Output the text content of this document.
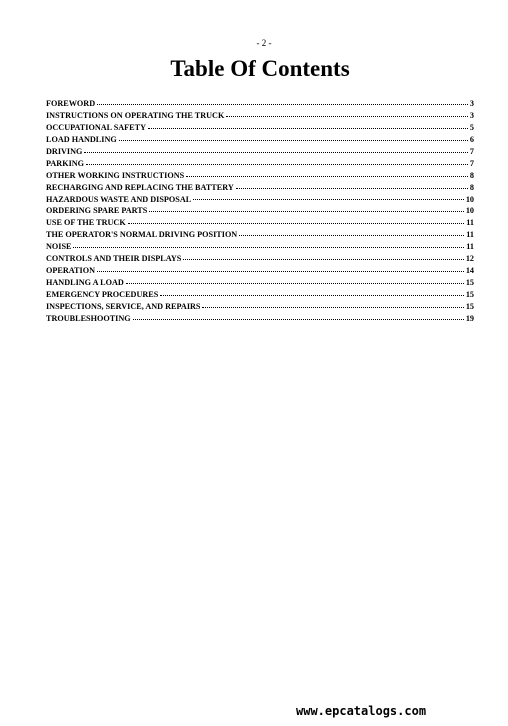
- 2 -
Table Of Contents
FOREWORD	3
INSTRUCTIONS ON OPERATING THE TRUCK	3
OCCUPATIONAL SAFETY	5
LOAD HANDLING	6
DRIVING	7
PARKING	7
OTHER WORKING INSTRUCTIONS	8
RECHARGING AND REPLACING THE BATTERY	8
HAZARDOUS WASTE AND DISPOSAL	10
ORDERING SPARE PARTS	10
USE OF THE TRUCK	11
THE OPERATOR'S NORMAL DRIVING POSITION	11
NOISE	11
CONTROLS AND THEIR DISPLAYS	12
OPERATION	14
HANDLING A LOAD	15
EMERGENCY PROCEDURES	15
INSPECTIONS, SERVICE, AND REPAIRS	15
TROUBLESHOOTING	19
www.epcatalogs.com
